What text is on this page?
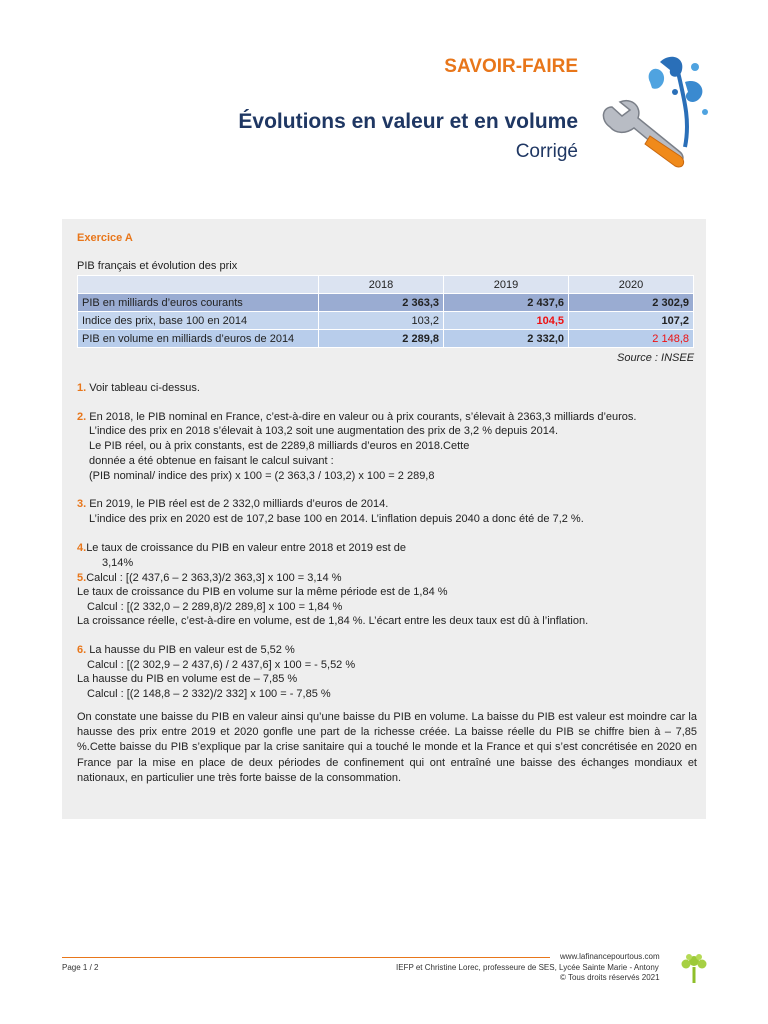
SAVOIR-FAIRE
Évolutions en valeur et en volume
Corrigé
Exercice A
PIB français et évolution des prix
	2018	2019	2020
PIB en milliards d’euros courants	2 363,3	2 437,6	2 302,9
Indice des prix, base 100 en 2014	103,2	104,5	107,2
PIB en volume en milliards d’euros de 2014	2 289,8	2 332,0	2 148,8
Source : INSEE
1. Voir tableau ci-dessus.
2. En 2018, le PIB nominal en France, c’est-à-dire en valeur ou à prix courants, s’élevait à 2363,3 milliards d’euros.
L’indice des prix en 2018 s’élevait à 103,2 soit une augmentation des prix de 3,2 % depuis 2014.
Le PIB réel, ou à prix constants, est de 2289,8 milliards d’euros en 2018.Cette
donnée a été obtenue en faisant le calcul suivant :
(PIB nominal/ indice des prix) x 100 = (2 363,3 / 103,2) x 100 = 2 289,8
3. En 2019, le PIB réel est de 2 332,0 milliards d’euros de 2014.
L’indice des prix en 2020 est de 107,2 base 100 en 2014. L’inflation depuis 2040 a donc été de 7,2 %.
4.Le taux de croissance du PIB en valeur entre 2018 et 2019 est de
3,14%
5.Calcul : [(2 437,6 – 2 363,3)/2 363,3] x 100 = 3,14 %
Le taux de croissance du PIB en volume sur la même période est de 1,84 %
Calcul : [(2 332,0 – 2 289,8)/2 289,8] x 100 = 1,84 %
La croissance réelle, c’est-à-dire en volume, est de 1,84 %. L’écart entre les deux taux est dû à l’inflation.
6. La hausse du PIB en valeur est de 5,52 %
Calcul : [(2 302,9 – 2 437,6) / 2 437,6] x 100 = - 5,52 %
La hausse du PIB en volume est de – 7,85 %
Calcul : [(2 148,8 – 2 332)/2 332] x 100 = - 7,85 %
On constate une baisse du PIB en valeur ainsi qu’une baisse du PIB en volume. La baisse du PIB est valeur est moindre car la hausse des prix entre 2019 et 2020 gonfle une part de la richesse créée. La baisse réelle du PIB se chiffre bien à – 7,85 %.Cette baisse du PIB s’explique par la crise sanitaire qui a touché le monde et la France et qui s’est concrétisée en 2020 en France par la mise en place de deux périodes de confinement qui ont entraîné une baisse des échanges mondiaux et nationaux, en particulier une très forte baisse de la consommation.
www.lafinancepourtous.com
Page 1 / 2	IEFP et Christine Lorec, professeure de SES, Lycée Sainte Marie - Antony
© Tous droits réservés 2021
